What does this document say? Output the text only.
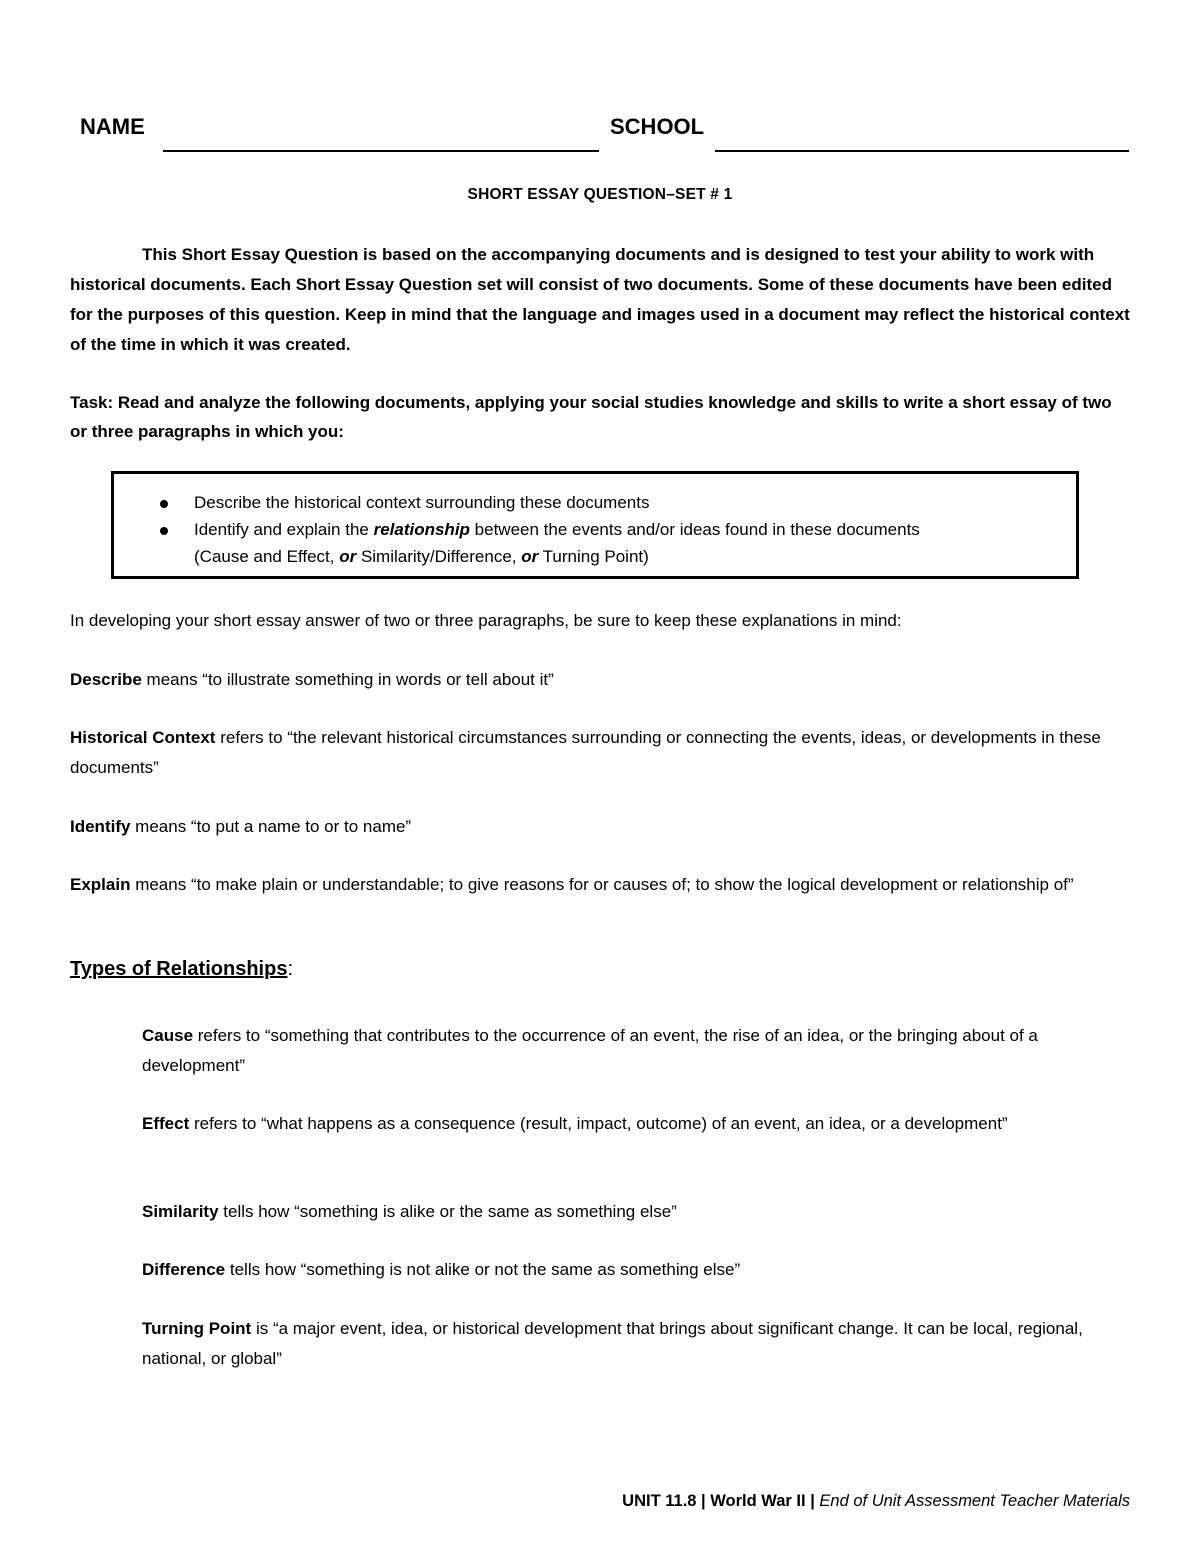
NAME	SCHOOL
SHORT ESSAY QUESTION–SET # 1
This Short Essay Question is based on the accompanying documents and is designed to test your ability to work with historical documents. Each Short Essay Question set will consist of two documents. Some of these documents have been edited for the purposes of this question. Keep in mind that the language and images used in a document may reflect the historical context of the time in which it was created.
Task: Read and analyze the following documents, applying your social studies knowledge and skills to write a short essay of two or three paragraphs in which you:
Describe the historical context surrounding these documents
Identify and explain the relationship between the events and/or ideas found in these documents
(Cause and Effect, or Similarity/Difference, or Turning Point)
In developing your short essay answer of two or three paragraphs, be sure to keep these explanations in mind:
Describe means “to illustrate something in words or tell about it”
Historical Context refers to “the relevant historical circumstances surrounding or connecting the events, ideas, or developments in these documents”
Identify means “to put a name to or to name”
Explain means “to make plain or understandable; to give reasons for or causes of; to show the logical development or relationship of”
Types of Relationships:
Cause refers to “something that contributes to the occurrence of an event, the rise of an idea, or the bringing about of a development”
Effect refers to “what happens as a consequence (result, impact, outcome) of an event, an idea, or a development”
Similarity tells how “something is alike or the same as something else”
Difference tells how “something is not alike or not the same as something else”
Turning Point is “a major event, idea, or historical development that brings about significant change. It can be local, regional, national, or global”
UNIT 11.8 | World War II | End of Unit Assessment Teacher Materials
